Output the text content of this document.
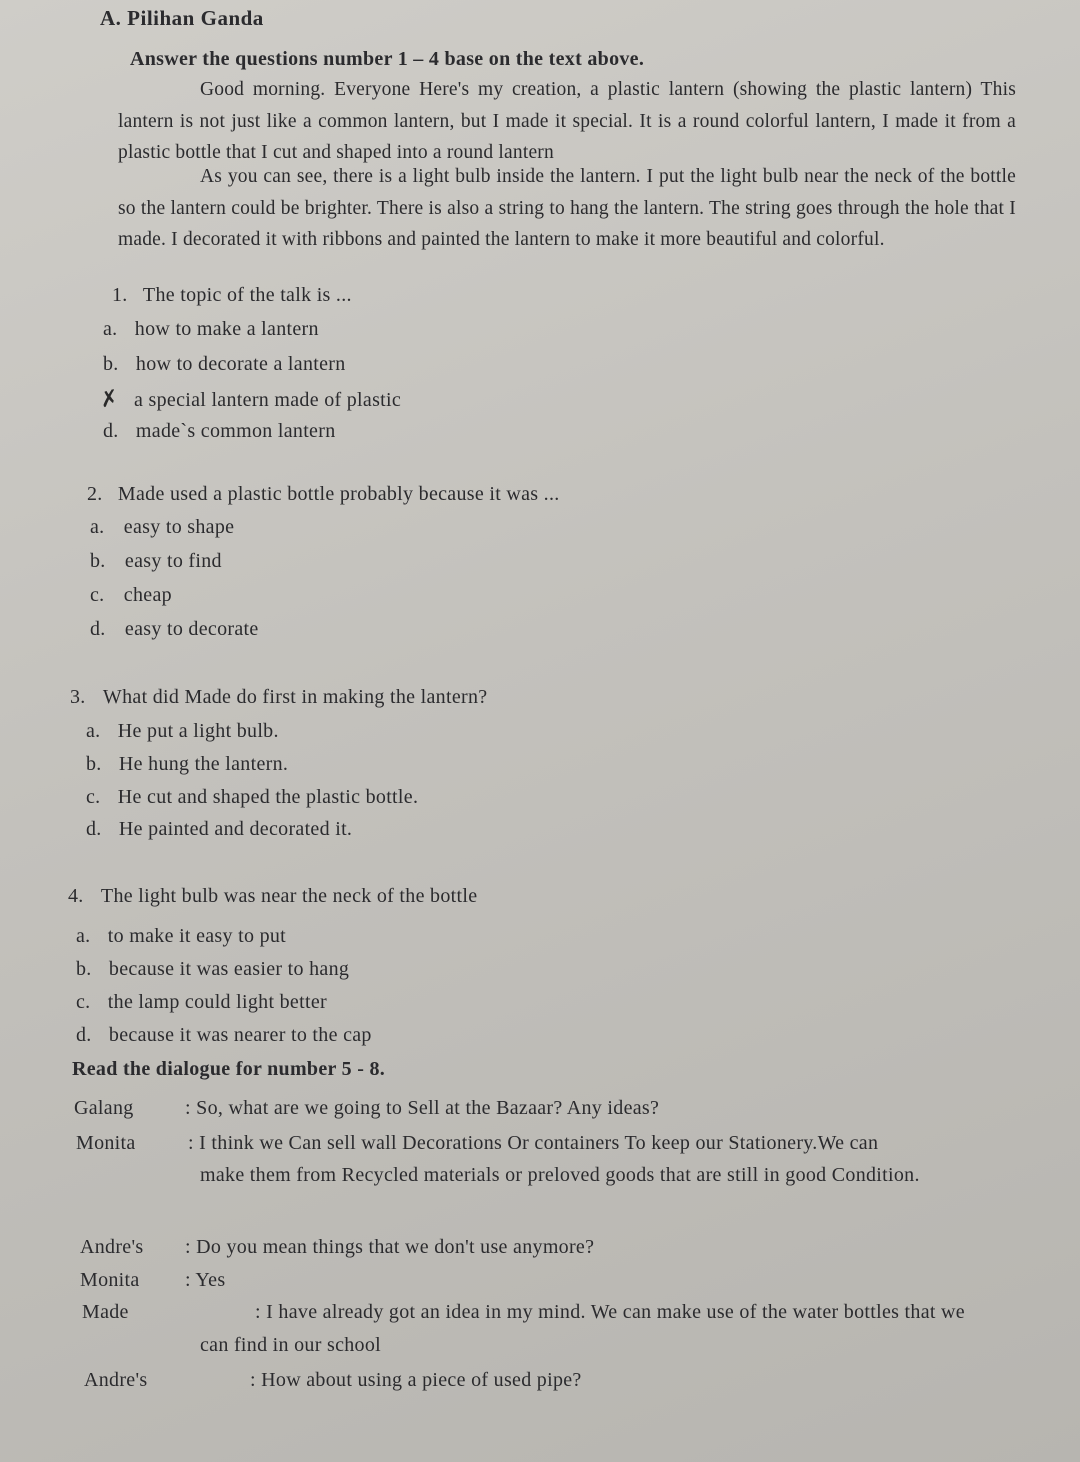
A. Pilihan Ganda
Answer the questions number 1 – 4 base on the text above.
Good morning. Everyone Here's my creation, a plastic lantern (showing the plastic lantern) This lantern is not just like a common lantern, but I made it special. It is a round colorful lantern, I made it from a plastic bottle that I cut and shaped into a round lantern
As you can see, there is a light bulb inside the lantern. I put the light bulb near the neck of the bottle so the lantern could be brighter. There is also a string to hang the lantern. The string goes through the hole that I made. I decorated it with ribbons and painted the lantern to make it more beautiful and colorful.
1. The topic of the talk is ...
a. how to make a lantern
b. how to decorate a lantern
✗ a special lantern made of plastic
d. made`s common lantern
2. Made used a plastic bottle probably because it was ...
a. easy to shape
b. easy to find
c. cheap
d. easy to decorate
3. What did Made do first in making the lantern?
a. He put a light bulb.
b. He hung the lantern.
c. He cut and shaped the plastic bottle.
d. He painted and decorated it.
4. The light bulb was near the neck of the bottle
a. to make it easy to put
b. because it was easier to hang
c. the lamp could light better
d. because it was nearer to the cap
Read the dialogue for number 5 - 8.
Galang	: So, what are we going to Sell at the Bazaar? Any ideas?
Monita	: I think we Can sell wall Decorations Or containers To keep our Stationery.We can
make them from Recycled materials or preloved goods that are still in good Condition.
Andre's : Do you mean things that we don't use anymore?
Monita : Yes
Made	: I have already got an idea in my mind. We can make use of the water bottles that we
can find in our school
Andre's	: How about using a piece of used pipe?
